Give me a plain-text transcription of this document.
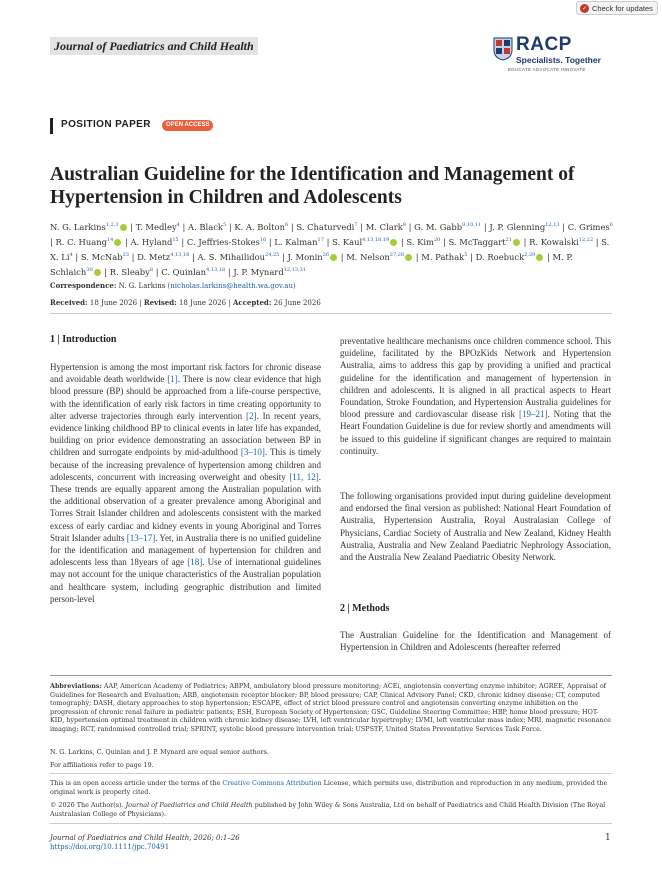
✓ Check for updates
Journal of Paediatrics and Child Health	RACP
Specialists. Together
EDUCATE ADVOCATE INNOVATE
POSITION PAPER	OPEN ACCESS
Australian Guideline for the Identification and Management of Hypertension in Children and Adolescents
N. G. Larkins$^{1,2,3}$ | T. Medley$^4$ | A. Black$^5$ | K. A. Bolton$^6$ | S. Chaturvedi$^7$ | M. Clark$^8$ | G. M. Gabb$^{9,10,11}$ | J. P. Glenning$^{12,13}$ | C. Grimes$^6$ | R. C. Huang$^{14}$ | A. Hyland$^{15}$ | C. Jeffries-Stokes$^{16}$ | L. Kalman$^{17}$ | S. Kaul$^{4,13,18,19}$ | S. Kim$^{20}$ | S. McTaggart$^{21}$ | R. Kowalski$^{12,22}$ | S. X. Li$^4$ | S. McNab$^{23}$ | D. Metz$^{4,13,18}$ | A. S. Mihailidou$^{24,25}$ | J. Monin$^{26}$ | M. Nelson$^{27,28}$ | M. Pathak$^5$ | D. Roebuck$^{2,29}$ | M. P. Schlaich$^{30}$ | R. Sleaby$^8$ | C. Quinlan$^{4,13,18}$ | J. P. Mynard$^{12,13,31}$
Correspondence: N. G. Larkins (nicholas.larkins@health.wa.gov.au)
Received: 18 June 2026 | Revised: 18 June 2026 | Accepted: 26 June 2026
1 | Introduction
Hypertension is among the most important risk factors for chronic disease and avoidable death worldwide [1]. There is now clear evidence that high blood pressure (BP) should be approached from a life-course perspective, with the identification of early risk factors in time creating opportunity to alter adverse trajectories through early intervention [2]. In recent years, evidence linking childhood BP to clinical events in later life has expanded, building on prior evidence demonstrating an association between BP in children and surrogate endpoints by mid-adulthood [3–10]. This is timely because of the increasing prevalence of hypertension among children and adolescents, concurrent with increasing overweight and obesity [11, 12]. These trends are equally apparent among the Australian population with the additional observation of a greater prevalence among Aboriginal and Torres Strait Islander children and adolescents consistent with the marked excess of early cardiac and kidney events in young Aboriginal and Torres Strait Islander adults [13–17]. Yet, in Australia there is no unified guideline for the identification and management of hypertension for children and adolescents less than 18years of age [18]. Use of international guidelines may not account for the unique characteristics of the Australian population and healthcare system, including geographic distribution and limited person-level
preventative healthcare mechanisms once children commence school. This guideline, facilitated by the BPOzKids Network and Hypertension Australia, aims to address this gap by providing a unified and practical guideline for the identification and management of hypertension in children and adolescents. It is aligned in all practical aspects to Heart Foundation, Stroke Foundation, and Hypertension Australia guidelines for blood pressure and cardiovascular disease risk [19–21]. Noting that the Heart Foundation Guideline is due for review shortly and amendments will be issued to this guideline if significant changes are required to maintain continuity.
The following organisations provided input during guideline development and endorsed the final version as published: National Heart Foundation of Australia, Hypertension Australia, Royal Australasian College of Physicians, Cardiac Society of Australia and New Zealand, Kidney Health Australia, Australia and New Zealand Paediatric Nephrology Association, and the Australia New Zealand Paediatric Obesity Network.
2 | Methods
The Australian Guideline for the Identification and Management of Hypertension in Children and Adolescents (hereafter referred
Abbreviations: AAP, American Academy of Pediatrics; ABPM, ambulatory blood pressure monitoring; ACEi, angiotensin converting enzyme inhibitor; AGREE, Appraisal of Guidelines for Research and Evaluation; ARB, angiotensin receptor blocker; BP, blood pressure; CAP, Clinical Advisory Panel; CKD, chronic kidney disease; CT, computed tomography; DASH, dietary approaches to stop hypertension; ESCAPE, effect of strict blood pressure control and angiotensin converting enzyme inhibition on the progression of chronic renal failure in pediatric patients; ESH, European Society of Hypertension; GSC, Guideline Steering Committee; HBP, home blood pressure; HOT-KID, hypertension optimal treatment in children with chronic kidney disease; LVH, left ventricular hypertrophy; LVMI, left ventricular mass index; MRI, magnetic resonance imaging; RCT, randomised controlled trial; SPRINT, systolic blood pressure intervention trial; USPSTF, United States Preventative Services Task Force.
N. G. Larkins, C. Quinlan and J. P. Mynard are equal senior authors.
For affiliations refer to page 19.
This is an open access article under the terms of the Creative Commons Attribution License, which permits use, distribution and reproduction in any medium, provided the original work is properly cited.
© 2026 The Author(s). Journal of Paediatrics and Child Health published by John Wiley & Sons Australia, Ltd on behalf of Paediatrics and Child Health Division (The Royal Australasian College of Physicians).
Journal of Paediatrics and Child Health, 2026; 0:1–26
https://doi.org/10.1111/jpc.70491
1
